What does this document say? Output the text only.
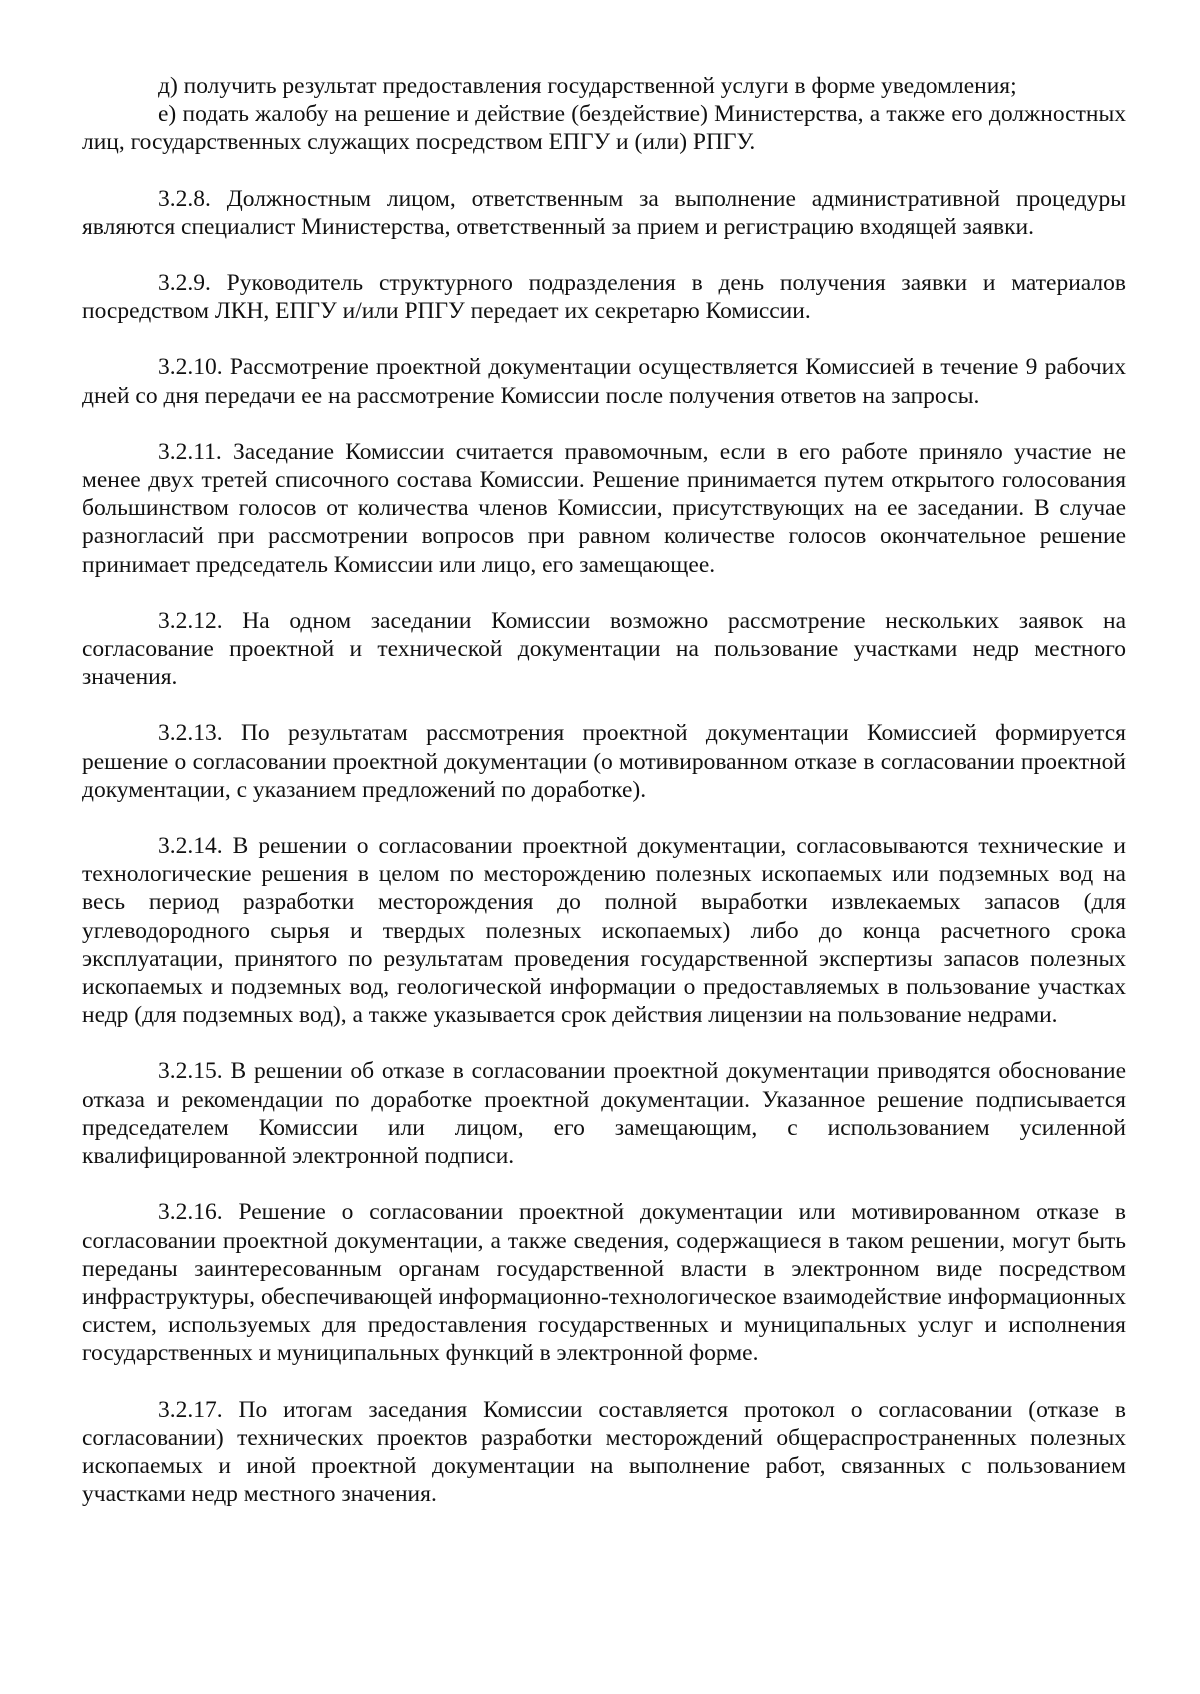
д) получить результат предоставления государственной услуги в форме уведомления;

е) подать жалобу на решение и действие (бездействие) Министерства, а также его должностных лиц, государственных служащих посредством ЕПГУ и (или) РПГУ.

3.2.8. Должностным лицом, ответственным за выполнение административной процедуры являются специалист Министерства, ответственный за прием и регистрацию входящей заявки.

3.2.9. Руководитель структурного подразделения в день получения заявки и материалов посредством ЛКН, ЕПГУ и/или РПГУ передает их секретарю Комиссии.

3.2.10. Рассмотрение проектной документации осуществляется Комиссией в течение 9 рабочих дней со дня передачи ее на рассмотрение Комиссии после получения ответов на запросы.

3.2.11. Заседание Комиссии считается правомочным, если в его работе приняло участие не менее двух третей списочного состава Комиссии. Решение принимается путем открытого голосования большинством голосов от количества членов Комиссии, присутствующих на ее заседании. В случае разногласий при рассмотрении вопросов при равном количестве голосов окончательное решение принимает председатель Комиссии или лицо, его замещающее.

3.2.12. На одном заседании Комиссии возможно рассмотрение нескольких заявок на согласование проектной и технической документации на пользование участками недр местного значения.

3.2.13. По результатам рассмотрения проектной документации Комиссией формируется решение о согласовании проектной документации (о мотивированном отказе в согласовании проектной документации, с указанием предложений по доработке).

3.2.14. В решении о согласовании проектной документации, согласовываются технические и технологические решения в целом по месторождению полезных ископаемых или подземных вод на весь период разработки месторождения до полной выработки извлекаемых запасов (для углеводородного сырья и твердых полезных ископаемых) либо до конца расчетного срока эксплуатации, принятого по результатам проведения государственной экспертизы запасов полезных ископаемых и подземных вод, геологической информации о предоставляемых в пользование участках недр (для подземных вод), а также указывается срок действия лицензии на пользование недрами.

3.2.15. В решении об отказе в согласовании проектной документации приводятся обоснование отказа и рекомендации по доработке проектной документации. Указанное решение подписывается председателем Комиссии или лицом, его замещающим, с использованием усиленной квалифицированной электронной подписи.

3.2.16. Решение о согласовании проектной документации или мотивированном отказе в согласовании проектной документации, а также сведения, содержащиеся в таком решении, могут быть переданы заинтересованным органам государственной власти в электронном виде посредством инфраструктуры, обеспечивающей информационно-технологическое взаимодействие информационных систем, используемых для предоставления государственных и муниципальных услуг и исполнения государственных и муниципальных функций в электронной форме.

3.2.17. По итогам заседания Комиссии составляется протокол о согласовании (отказе в согласовании) технических проектов разработки месторождений общераспространенных полезных ископаемых и иной проектной документации на выполнение работ, связанных с пользованием участками недр местного значения.
